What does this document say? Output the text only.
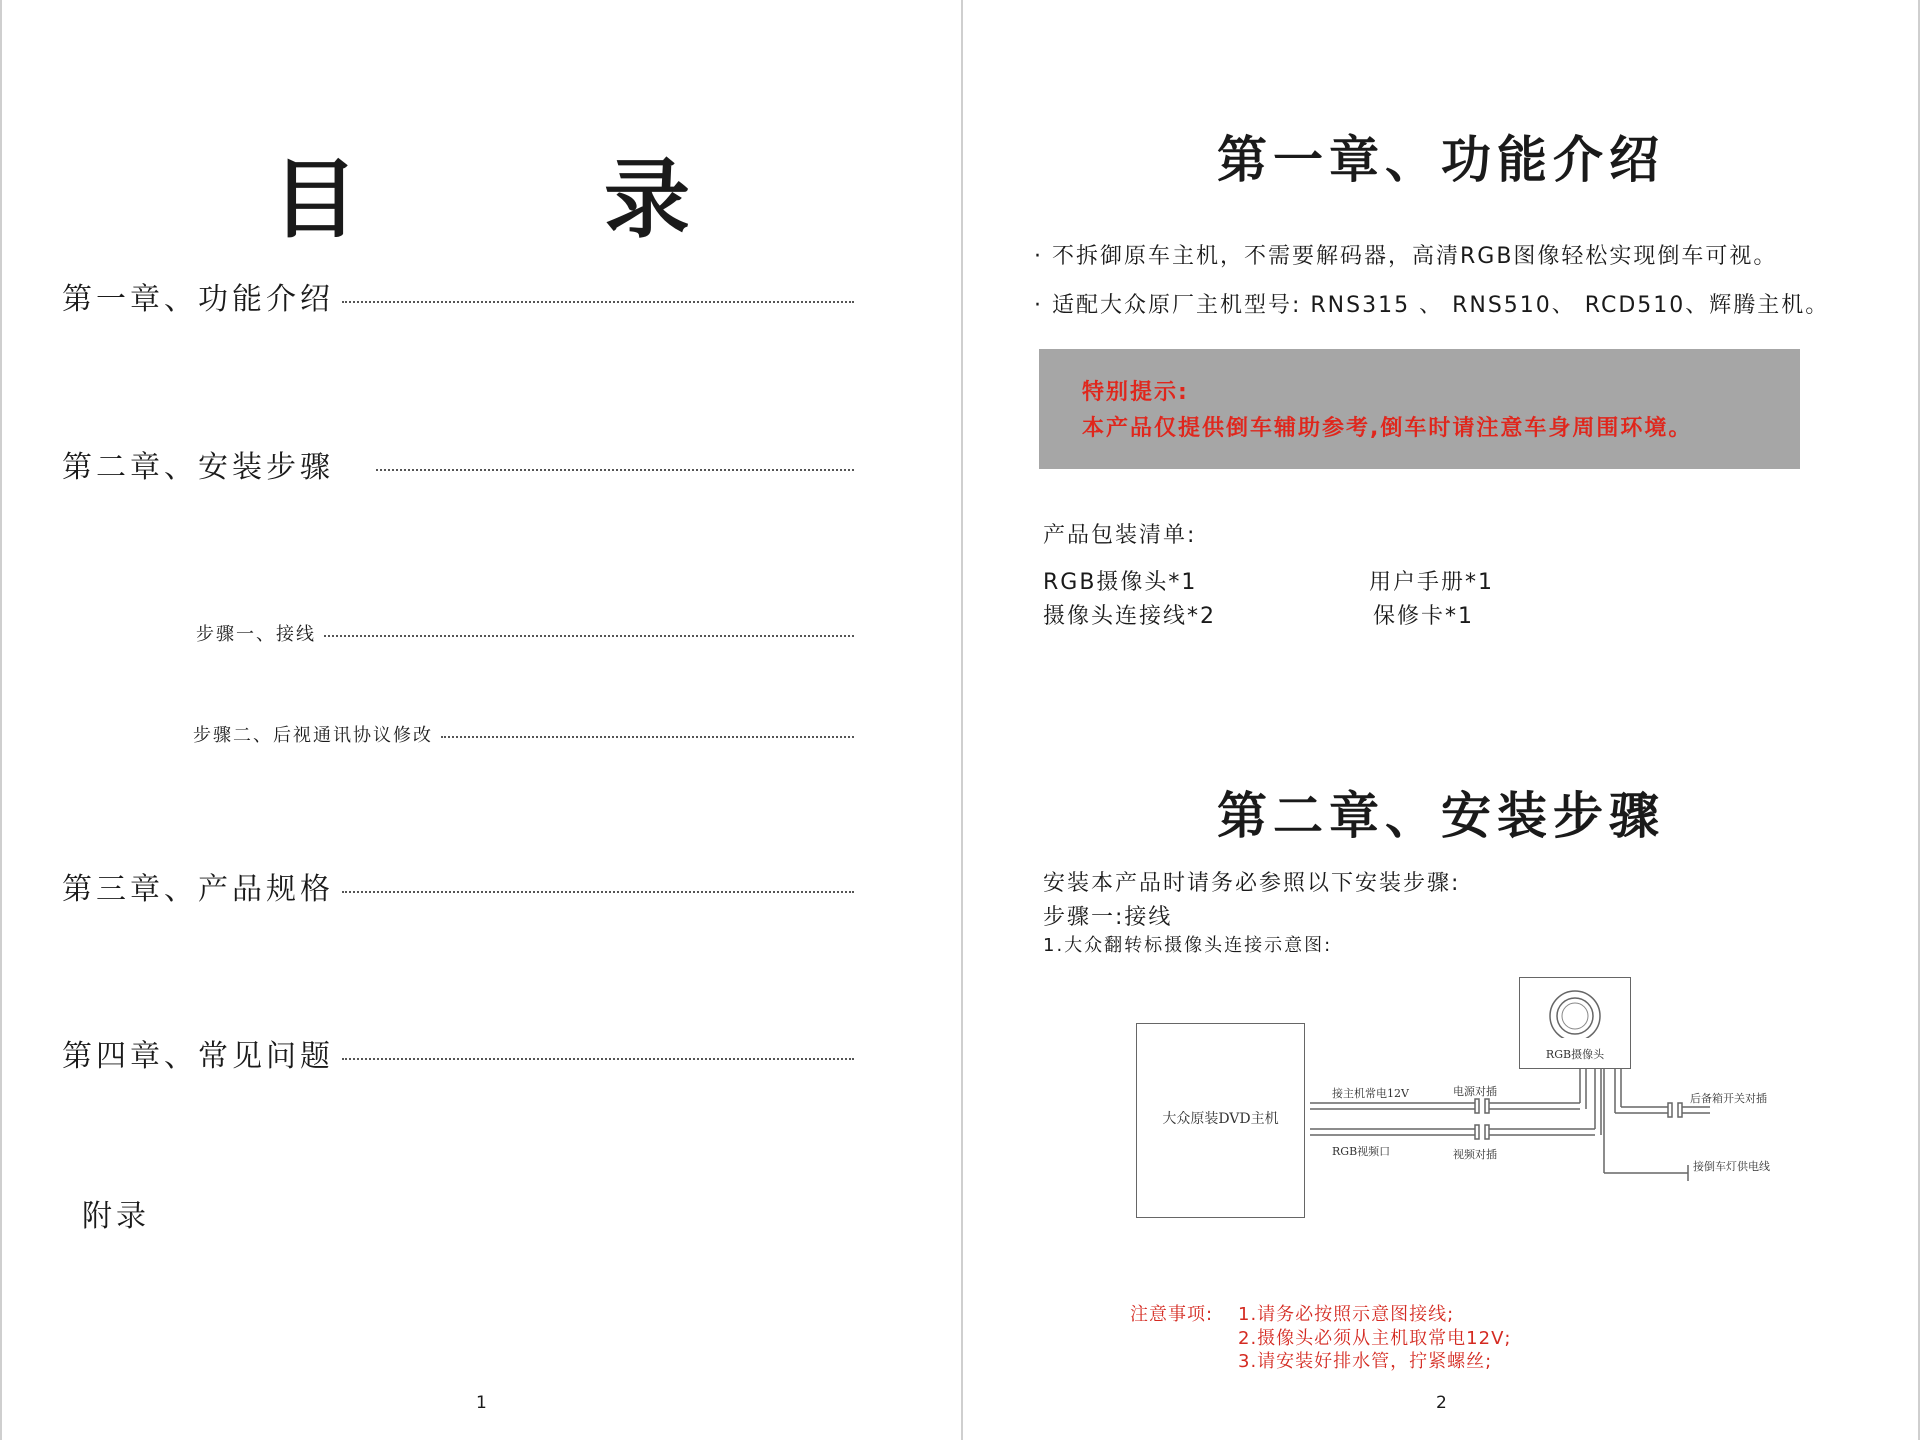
目　录
第一章、功能介绍
第二章、安装步骤
步骤一、接线
步骤二、后视通讯协议修改
第三章、产品规格
第四章、常见问题
附录
1
第一章、功能介绍
· 不拆御原车主机，不需要解码器，高清RGB图像轻松实现倒车可视。
· 适配大众原厂主机型号: RNS315 、 RNS510、 RCD510、辉腾主机。
特别提示:
本产品仅提供倒车辅助参考,倒车时请注意车身周围环境。
产品包装清单:
RGB摄像头*1	用户手册*1
摄像头连接线*2	保修卡*1
第二章、安装步骤
安装本产品时请务必参照以下安装步骤:
步骤一:接线
1.大众翻转标摄像头连接示意图:
大众原装DVD主机
RGB摄像头
接主机常电12V	电源对插
RGB视频口	视频对插
后备箱开关对插
接倒车灯供电线
注意事项: 1.请务必按照示意图接线;
2.摄像头必须从主机取常电12V;
3.请安装好排水管，拧紧螺丝;
2
